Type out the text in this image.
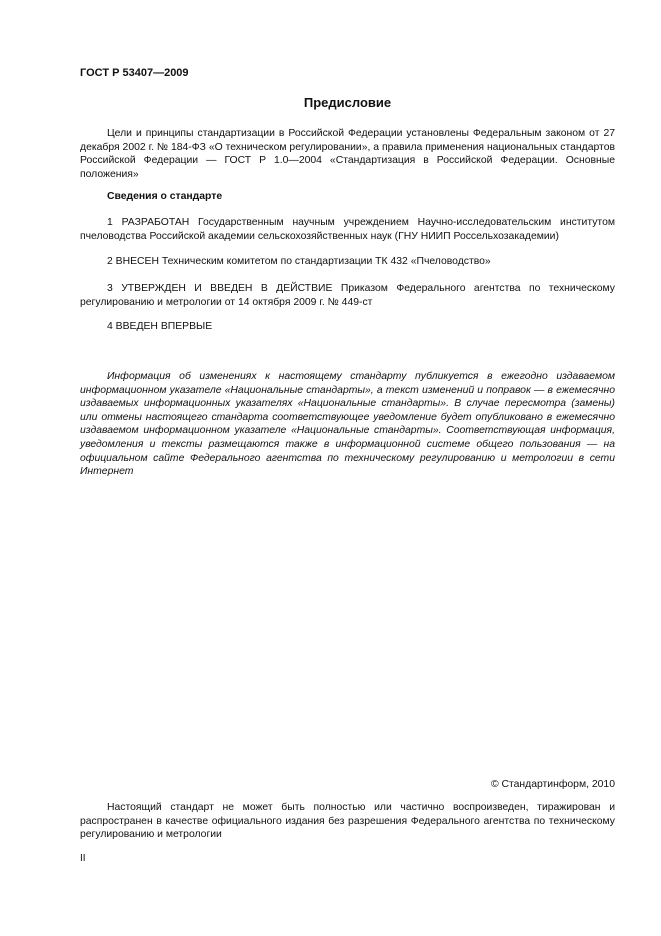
ГОСТ Р 53407—2009
Предисловие
Цели и принципы стандартизации в Российской Федерации установлены Федеральным законом от 27 декабря 2002 г. № 184-ФЗ «О техническом регулировании», а правила применения национальных стандартов Российской Федерации — ГОСТ Р 1.0—2004 «Стандартизация в Российской Федерации. Основные положения»
Сведения о стандарте
1 РАЗРАБОТАН Государственным научным учреждением Научно-исследовательским институтом пчеловодства Российской академии сельскохозяйственных наук (ГНУ НИИП Россельхозакадемии)
2 ВНЕСЕН Техническим комитетом по стандартизации ТК 432 «Пчеловодство»
3 УТВЕРЖДЕН И ВВЕДЕН В ДЕЙСТВИЕ Приказом Федерального агентства по техническому регулированию и метрологии от 14 октября 2009 г. № 449-ст
4 ВВЕДЕН ВПЕРВЫЕ
Информация об изменениях к настоящему стандарту публикуется в ежегодно издаваемом информационном указателе «Национальные стандарты», а текст изменений и поправок — в ежемесячно издаваемых информационных указателях «Национальные стандарты». В случае пересмотра (замены) или отмены настоящего стандарта соответствующее уведомление будет опубликовано в ежемесячно издаваемом информационном указателе «Национальные стандарты». Соответствующая информация, уведомления и тексты размещаются также в информационной системе общего пользования — на официальном сайте Федерального агентства по техническому регулированию и метрологии в сети Интернет
© Стандартинформ, 2010
Настоящий стандарт не может быть полностью или частично воспроизведен, тиражирован и распространен в качестве официального издания без разрешения Федерального агентства по техническому регулированию и метрологии
II
